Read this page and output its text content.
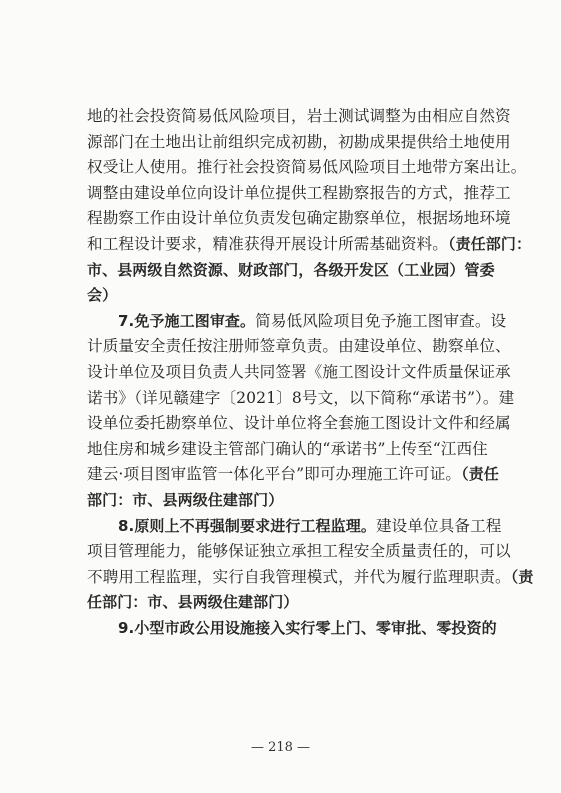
地的社会投资简易低风险项目，岩土测试调整为由相应自然资
源部门在土地出让前组织完成初勘，初勘成果提供给土地使用
权受让人使用。推行社会投资简易低风险项目土地带方案出让。
调整由建设单位向设计单位提供工程勘察报告的方式，推荐工
程勘察工作由设计单位负责发包确定勘察单位，根据场地环境
和工程设计要求，精准获得开展设计所需基础资料。（责任部门：
市、县两级自然资源、财政部门，各级开发区（工业园）管委
会）
7.免予施工图审查。简易低风险项目免予施工图审查。设
计质量安全责任按注册师签章负责。由建设单位、勘察单位、
设计单位及项目负责人共同签署《施工图设计文件质量保证承
诺书》（详见赣建字〔2021〕8号文，以下简称“承诺书”）。建
设单位委托勘察单位、设计单位将全套施工图设计文件和经属
地住房和城乡建设主管部门确认的“承诺书”上传至“江西住
建云·项目图审监管一体化平台”即可办理施工许可证。（责任
部门：市、县两级住建部门）
8.原则上不再强制要求进行工程监理。建设单位具备工程
项目管理能力，能够保证独立承担工程安全质量责任的，可以
不聘用工程监理，实行自我管理模式，并代为履行监理职责。（责
任部门：市、县两级住建部门）
9.小型市政公用设施接入实行零上门、零审批、零投资的
— 218 —
